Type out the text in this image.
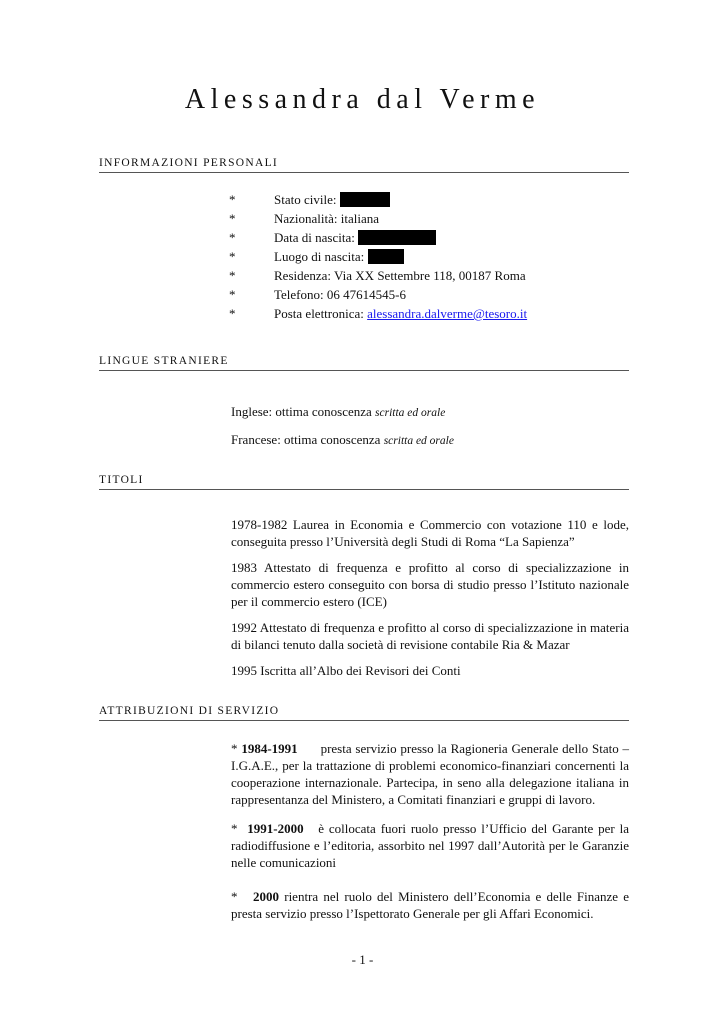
Alessandra dal Verme
INFORMAZIONI PERSONALI
*	Stato civile:
*	Nazionalità: italiana
*	Data di nascita:
*	Luogo di nascita:
*	Residenza: Via XX Settembre 118, 00187 Roma
*	Telefono: 06 47614545-6
*	Posta elettronica: alessandra.dalverme@tesoro.it
LINGUE STRANIERE

Inglese: ottima conoscenza scritta ed orale

Francese: ottima conoscenza scritta ed orale

TITOLI

1978-1982 Laurea in Economia e Commercio con votazione 110 e lode, conseguita presso l’Università degli Studi di Roma “La Sapienza”

1983 Attestato di frequenza e profitto al corso di specializzazione in commercio estero conseguito con borsa di studio presso l’Istituto nazionale per il commercio estero (ICE)

1992 Attestato di frequenza e profitto al corso di specializzazione in materia di bilanci tenuto dalla società di revisione contabile Ria & Mazar

1995 Iscritta all’Albo dei Revisori dei Conti

ATTRIBUZIONI DI SERVIZIO

* 1984-1991 presta servizio presso la Ragioneria Generale dello Stato – I.G.A.E., per la trattazione di problemi economico-finanziari concernenti la cooperazione internazionale. Partecipa, in seno alla delegazione italiana in rappresentanza del Ministero, a Comitati finanziari e gruppi di lavoro.

* 1991-2000 è collocata fuori ruolo presso l’Ufficio del Garante per la radiodiffusione e l’editoria, assorbito nel 1997 dall’Autorità per le Garanzie nelle comunicazioni

* 2000 rientra nel ruolo del Ministero dell’Economia e delle Finanze e presta servizio presso l’Ispettorato Generale per gli Affari Economici.

- 1 -
